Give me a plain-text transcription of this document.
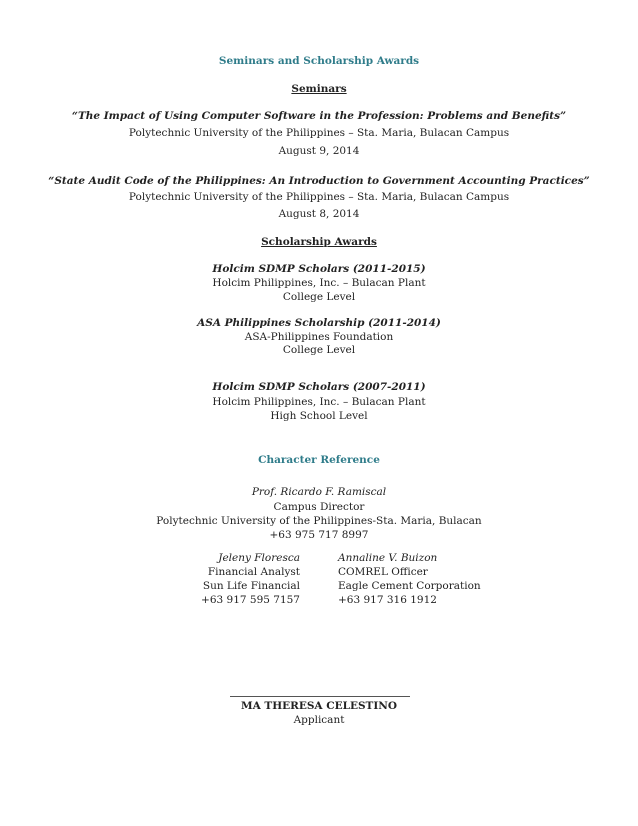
Seminars and Scholarship Awards
Seminars
“The Impact of Using Computer Software in the Profession: Problems and Benefits”
Polytechnic University of the Philippines – Sta. Maria, Bulacan Campus
August 9, 2014
“State Audit Code of the Philippines: An Introduction to Government Accounting Practices”
Polytechnic University of the Philippines – Sta. Maria, Bulacan Campus
August 8, 2014
Scholarship Awards
Holcim SDMP Scholars (2011-2015)
Holcim Philippines, Inc. – Bulacan Plant
College Level
ASA Philippines Scholarship (2011-2014)
ASA-Philippines Foundation
College Level
Holcim SDMP Scholars (2007-2011)
Holcim Philippines, Inc. – Bulacan Plant
High School Level
Character Reference
Prof. Ricardo F. Ramiscal
Campus Director
Polytechnic University of the Philippines-Sta. Maria, Bulacan
+63 975 717 8997
Jeleny Floresca
Financial Analyst
Sun Life Financial
+63 917 595 7157
Annaline V. Buizon
COMREL Officer
Eagle Cement Corporation
+63 917 316 1912
MA THERESA CELESTINO
Applicant
